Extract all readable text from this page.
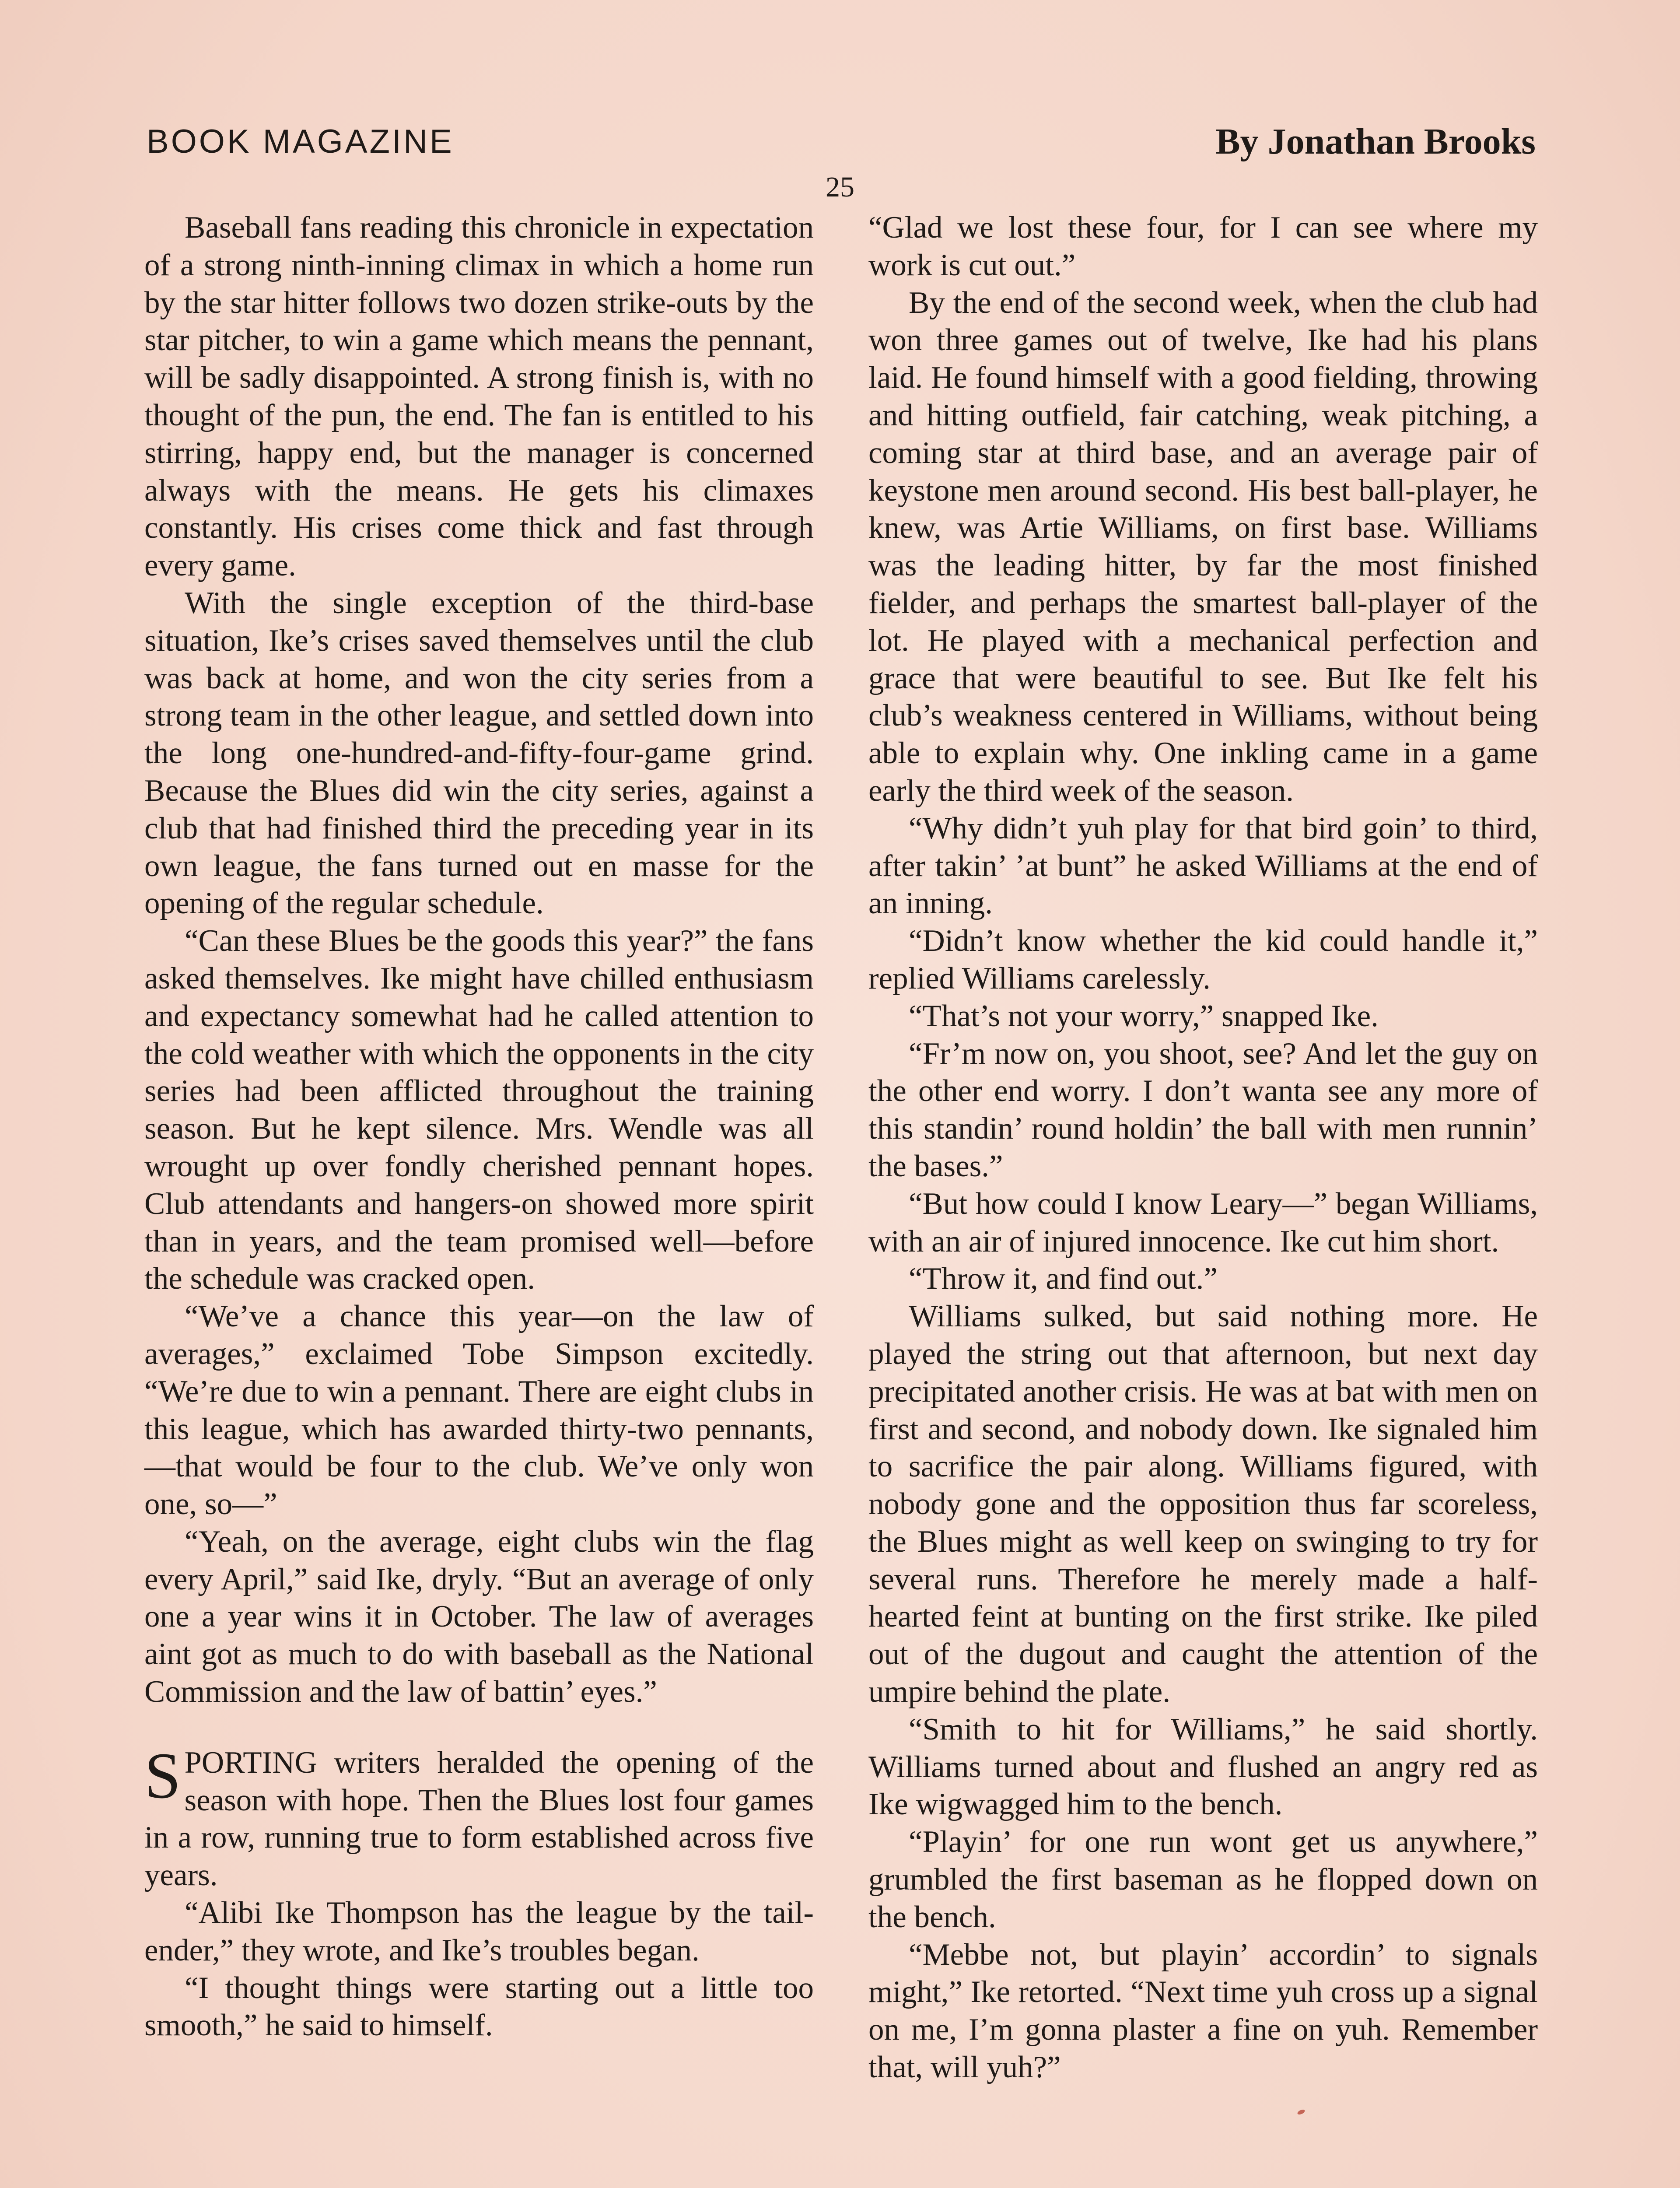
BOOK MAGAZINE	By Jonathan Brooks
25

Baseball fans reading this chronicle in expectation of a strong ninth-inning climax in which a home run by the star hitter follows two dozen strike-outs by the star pitcher, to win a game which means the pennant, will be sadly disappointed. A strong finish is, with no thought of the pun, the end. The fan is entitled to his stirring, happy end, but the manager is concerned always with the means. He gets his climaxes constantly. His crises come thick and fast through every game.

With the single exception of the third-base situation, Ike’s crises saved themselves until the club was back at home, and won the city series from a strong team in the other league, and settled down into the long one-hundred-and-fifty-four-game grind. Because the Blues did win the city series, against a club that had finished third the preceding year in its own league, the fans turned out en masse for the opening of the regular schedule.

“Can these Blues be the goods this year?” the fans asked themselves. Ike might have chilled enthusiasm and expectancy somewhat had he called attention to the cold weather with which the opponents in the city series had been afflicted throughout the training season. But he kept silence. Mrs. Wendle was all wrought up over fondly cherished pennant hopes. Club attendants and hangers-on showed more spirit than in years, and the team promised well—before the schedule was cracked open.

“We’ve a chance this year—on the law of averages,” exclaimed Tobe Simpson excitedly. “We’re due to win a pennant. There are eight clubs in this league, which has awarded thirty-two pennants,—that would be four to the club. We’ve only won one, so—”

“Yeah, on the average, eight clubs win the flag every April,” said Ike, dryly. “But an average of only one a year wins it in October. The law of averages aint got as much to do with baseball as the National Commission and the law of battin’ eyes.”

SPORTING writers heralded the opening of the season with hope. Then the Blues lost four games in a row, running true to form established across five years.

“Alibi Ike Thompson has the league by the tail-ender,” they wrote, and Ike’s troubles began.

“I thought things were starting out a little too smooth,” he said to himself.

“Glad we lost these four, for I can see where my work is cut out.”

By the end of the second week, when the club had won three games out of twelve, Ike had his plans laid. He found himself with a good fielding, throwing and hitting outfield, fair catching, weak pitching, a coming star at third base, and an average pair of keystone men around second. His best ball-player, he knew, was Artie Williams, on first base. Williams was the leading hitter, by far the most finished fielder, and perhaps the smartest ball-player of the lot. He played with a mechanical perfection and grace that were beautiful to see. But Ike felt his club’s weakness centered in Williams, without being able to explain why. One inkling came in a game early the third week of the season.

“Why didn’t yuh play for that bird goin’ to third, after takin’ ’at bunt” he asked Williams at the end of an inning.

“Didn’t know whether the kid could handle it,” replied Williams carelessly.

“That’s not your worry,” snapped Ike.

“Fr’m now on, you shoot, see? And let the guy on the other end worry. I don’t wanta see any more of this standin’ round holdin’ the ball with men runnin’ the bases.”

“But how could I know Leary—” began Williams, with an air of injured innocence. Ike cut him short.

“Throw it, and find out.”

Williams sulked, but said nothing more. He played the string out that afternoon, but next day precipitated another crisis. He was at bat with men on first and second, and nobody down. Ike signaled him to sacrifice the pair along. Williams figured, with nobody gone and the opposition thus far scoreless, the Blues might as well keep on swinging to try for several runs. Therefore he merely made a half-hearted feint at bunting on the first strike. Ike piled out of the dugout and caught the attention of the umpire behind the plate.

“Smith to hit for Williams,” he said shortly. Williams turned about and flushed an angry red as Ike wigwagged him to the bench.

“Playin’ for one run wont get us anywhere,” grumbled the first baseman as he flopped down on the bench.

“Mebbe not, but playin’ accordin’ to signals might,” Ike retorted. “Next time yuh cross up a signal on me, I’m gonna plaster a fine on yuh. Remember that, will yuh?”
